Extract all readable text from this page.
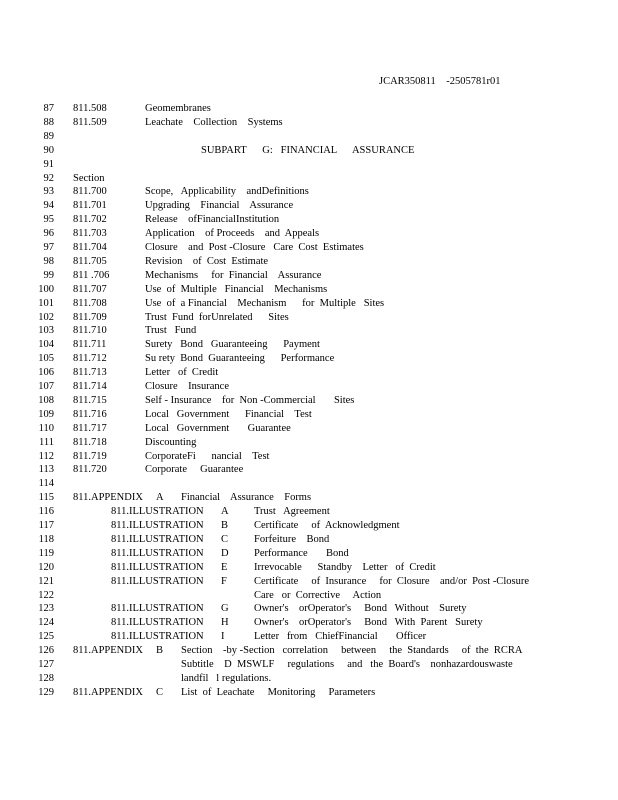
JCAR350811    -2505781r01
87 811.508	Geomembranes
88 811.509	Leachate    Collection    Systems
89
90	SUBPART      G:   FINANCIAL      ASSURANCE
91
92 Section
93 811.700	Scope,   Applicability    andDefinitions
94 811.701	Upgrading    Financial    Assurance
95 811.702	Release    ofFinancialInstitution
96 811.703	Application    of Proceeds    and  Appeals
97 811.704	Closure    and  Post -Closure   Care  Cost  Estimates
98 811.705	Revision    of  Cost  Estimate
99 811 .706	Mechanisms     for  Financial    Assurance
100 811.707	Use  of  Multiple   Financial    Mechanisms
101 811.708	Use  of  a Financial    Mechanism      for  Multiple   Sites
102 811.709	Trust  Fund  forUnrelated      Sites
103 811.710	Trust   Fund
104 811.711	Surety   Bond   Guaranteeing      Payment
105 811.712	Su rety  Bond  Guaranteeing      Performance
106 811.713	Letter   of  Credit
107 811.714	Closure    Insurance
108 811.715	Self - Insurance    for  Non -Commercial       Sites
109 811.716	Local   Government      Financial    Test
110 811.717	Local   Government       Guarantee
111 811.718	Discounting
112 811.719	CorporateFi      nancial    Test
113 811.720	Corporate     Guarantee
114
115 811.APPENDIX A Financial    Assurance    Forms
116	811.ILLUSTRATION A Trust   Agreement
117	811.ILLUSTRATION B Certificate     of  Acknowledgment
118	811.ILLUSTRATION C Forfeiture    Bond
119	811.ILLUSTRATION D Performance       Bond
120	811.ILLUSTRATION E	Irrevocable      Standby    Letter   of  Credit
121	811.ILLUSTRATION F	Certificate     of  Insurance     for  Closure    and/or  Post -Closure
122	Care   or  Corrective     Action
123	811.ILLUSTRATION G Owner's    orOperator's     Bond   Without    Surety
124	811.ILLUSTRATION H Owner's    orOperator's     Bond   With  Parent   Surety
125	811.ILLUSTRATION I	Letter   from   ChiefFinancial       Officer
126 811.APPENDIX B Section    -by -Section   correlation     between     the  Standards     of  the  RCRA
127	Subtitle    D  MSWLF     regulations     and   the  Board's    nonhazardouswaste
128	landfil   l regulations.
129 811.APPENDIX C List  of  Leachate     Monitoring     Parameters
